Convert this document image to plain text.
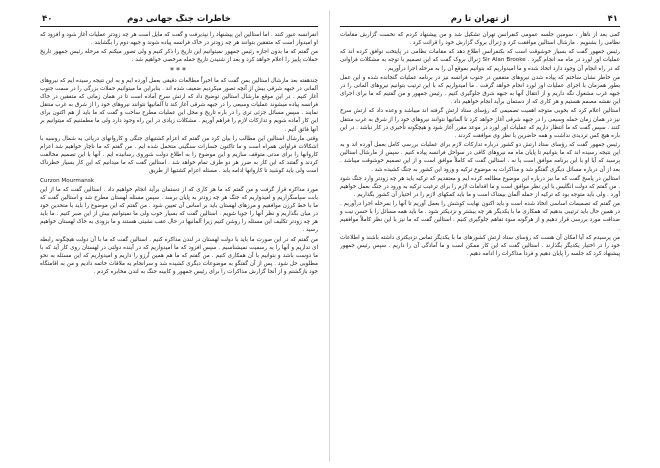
۴۰	خاطرات جنگ جهانی دوم

انفرانسه عبور کنند . اما استالین این پیشنهاد را نپذیرفت و گفت که مایل است هر چه زودتر عملیات آغاز شود و افزود که او امیدوار است که متفقین بتوانند هر چه زودتر در خاک فرانسه پیاده شوند و جبهه دوم را بگشایند .

من گفتم که ما بدون اجازه رئیس جمهور نمیتوانیم این تاریخ را ذکر کنیم و ولی تصور میکنم که مرحله رئیس جمهور تاریخ حملات پاییز را اعلام خواهد کرد و بعد از شنیدن تاریخ حمله مرخصی خواهیم شد .

***

چندهفته بعد مارشال استالین بمن گفت که ما اخیراً مطالعات دقیقی بعمل آورده ایم و به این نتیجه رسیده ایم که نیروهای آلمانی در جبهه شرقی بیش از آنچه تصور میکردیم ضعیف شده اند . بنابراین ما میتوانیم حملات بزرگی را در سمت جنوب آغاز کنیم . در این موقع مارشال استالین توضیح داد که ارتش سرخ آماده است تا در همان زمانی که متفقین در خاک فرانسه پیاده میشوند عملیات وسیعی را در جبهه شرقی آغاز کند تا آلمانیها نتوانند نیروهای خود را از شرق به غرب منتقل نمایند . سپس مسائل جزئی تری را در باره تاریخ و محل این عملیات مطرح ساخت و گفت که ما باید از هم اکنون برای این کار آماده شویم و تدارکات لازم را فراهم آوریم . مشکلات زیادی در این راه وجود دارد ولی ما مطمئنیم که میتوانیم بر آنها فائق آئیم .

وقتی مارشال استالین این مطالب را بیان کرد من گفتم که اعزام کشتیهای جنگی و کاروانهای دریائی به شمال روسیه با اشکالات فراوانی همراه است و ما تاکنون خسارات سنگینی متحمل شده ایم . من گفتم که ما ناچار خواهیم شد اعزام کاروانها را برای مدتی متوقف سازیم و این موضوع را به اطلاع دولت شوروی رسانیده ایم . آنها با این تصمیم مخالفت کردند و گفتند که این کار به ضرر هر دو طرف تمام خواهد شد . استالین گفت که ما میدانیم که این کار بسیار خطرناک است ولی باید کوشید تا کاروانها ادامه یابد . مسئله اعزام کشتیها از طریق

Curzon Mourmansk

مورد مذاکره قرار گرفت و من گفتم که ما هر کاری که از دستمان برآید انجام خواهیم داد . استالین گفت که ما از این بابت سپاسگزاریم و امیدواریم که جنگ هر چه زودتر به پایان برسد . سپس مسئله لهستان مطرح شد و استالین گفت که ما با خط کرزن موافقیم و مرزهای لهستان باید بر اساس آن تعیین شود . من گفتم که این موضوع را باید با متحدین خود در میان بگذاریم و نظر آنها را جویا شویم . استالین گفت که بسیار خوب ولی ما نمیتوانیم بیش از این صبر کنیم . ما باید هر چه زودتر تکلیف این مسئله را روشن کنیم زیرا آلمانیها در حال عقب نشینی هستند و ما بزودی به خاک لهستان خواهیم رسید .

من گفتم که در این صورت ما باید با دولت لهستان در لندن مذاکره کنیم . استالین گفت که ما با آن دولت هیچگونه رابطه ای نداریم و آنها را به رسمیت نمیشناسیم . سپس افزود که ما امیدواریم که در آینده دولتی در لهستان روی کار آید که با ما دوست باشد و بتوانیم با آن همکاری کنیم . من گفتم که ما هم همین آرزو را داریم و امیدواریم که این مسئله به نحو مطلوبی حل شود . پس از آن گفتگو به موضوعات دیگری کشیده شد و سرانجام به ملاقات خاتمه دادیم و من به اقامتگاه خود بازگشتم و از آنجا گزارش مذاکرات را برای رئیس جمهور و کابینه جنگ به لندن مخابره کردم .

۴۱
از تهران تا رم

کمی بعد از ناهار ، سومین جلسه عمومی کنفرانس تهران تشکیل شد و من پیشنهاد کردم که نخست گزارش مقامات نظامی را بشنویم . مارشال استالین موافقت کرد و ژنرال بروک گزارش خود را قرائت کرد .

رئیس جمهور گفت که بسیار خوشوقت است که بکنفرانس اطلاع دهد که مقامات نظامی در پایتخت توافق کرده اند که عملیات اور لورد در ماه مه انجام گیرد . Sir Alan Brooke ژنرال بروک گفت که این تصمیم با توجه به مشکلات فراوانی که در راه انجام آن وجود دارد اتخاذ شده و ما امیدواریم که بتوانیم بموقع آن را به مرحله اجرا درآوریم .

من خاطر نشان ساختم که پیاده شدن نیروهای متفقین در جنوب فرانسه نیز در برنامه عملیات گنجانده شده و این عمل بطور همزمان با اجرای عملیات اور لورد انجام خواهد گرفت . ما امیدواریم که با این ترتیب بتوانیم نیروهای آلمانی را در جبهه غرب مشغول نگه داریم و از انتقال آنها به جبهه شرق جلوگیری کنیم . رئیس جمهور و من گفتیم که ما برای اجرای این نقشه مصمم هستیم و هر کاری که از دستمان برآید انجام خواهیم داد .

استالین اعلام کرد که بخوبی متوجه اهمیت تصمیمی که رؤسای ستاد ارتش گرفته اند میباشد و وعده داد که ارتش سرخ نیز در همان زمان حمله وسیعی را در جبهه شرقی آغاز خواهد کرد تا آلمانیها نتوانند نیروهای خود را از شرق به غرب منتقل کنند . سپس گفت که ما انتظار داریم که عملیات اور لورد در موعد مقرر آغاز شود و هیچگونه تأخیری در کار نباشد . در این باره هیچ کس تردیدی نداشت و همه حاضرین با نظر وی موافقت کردند .

رئیس جمهور گفت که رؤسای ستاد ارتش دو کشور درباره تدارکات لازم برای عملیات بررسی کامل بعمل آورده اند و به این نتیجه رسیده اند که ما بتوانیم تا پایان ماه مه نیروهای کافی در سواحل فرانسه پیاده کنیم . سپس از مارشال استالین پرسید که آیا او با این برنامه موافق است یا نه . استالین گفت که کاملاً موافق است و از این تصمیم خوشوقت میباشد . بعد از آن درباره مسائل دیگری گفتگو شد و مذاکرات به موضوع ترکیه و ورود این کشور به جنگ کشیده شد .

استالین در پاسخ گفت که ما نیز درباره این موضوع مطالعه کرده ایم و معتقدیم که ترکیه باید هر چه زودتر وارد جنگ شود . من گفتم که دولت انگلیس با این نظر موافق است و ما اقدامات لازم را برای ترغیب ترکیه به ورود در جنگ بعمل خواهیم آورد . ولی باید متوجه بود که ترکیه از حمله آلمان بیمناک است و ما باید کمکهای لازم را در اختیار آن کشور بگذاریم .

من گفتم که تصمیمات اساسی اتخاذ شده است و باید اکنون نهایت کوشش را بعمل آوریم تا آنها را بمرحله اجرا درآوریم . در همین حال باید ترتیبی بدهیم که همکاری ما با یکدیگر هر چه بیشتر و نزدیکتر شود . ما باید همه مسائل را با حسن نیت و صداقت مورد بررسی قرار دهیم و از هرگونه سوء تفاهم جلوگیری کنیم . استالین گفت که ما نیز با این نظر کاملاً موافقیم .

من پرسیدم که آیا امکان آن هست که رؤسای ستاد ارتش کشورهای ما با یکدیگر تماس نزدیکتری داشته باشند و اطلاعات خود را در اختیار یکدیگر بگذارند . استالین گفت که این کار ممکن است و ما آمادگی آن را داریم . سپس رئیس جمهور پیشنهاد کرد که جلسه را پایان دهیم و فردا مذاکرات را ادامه دهیم .
